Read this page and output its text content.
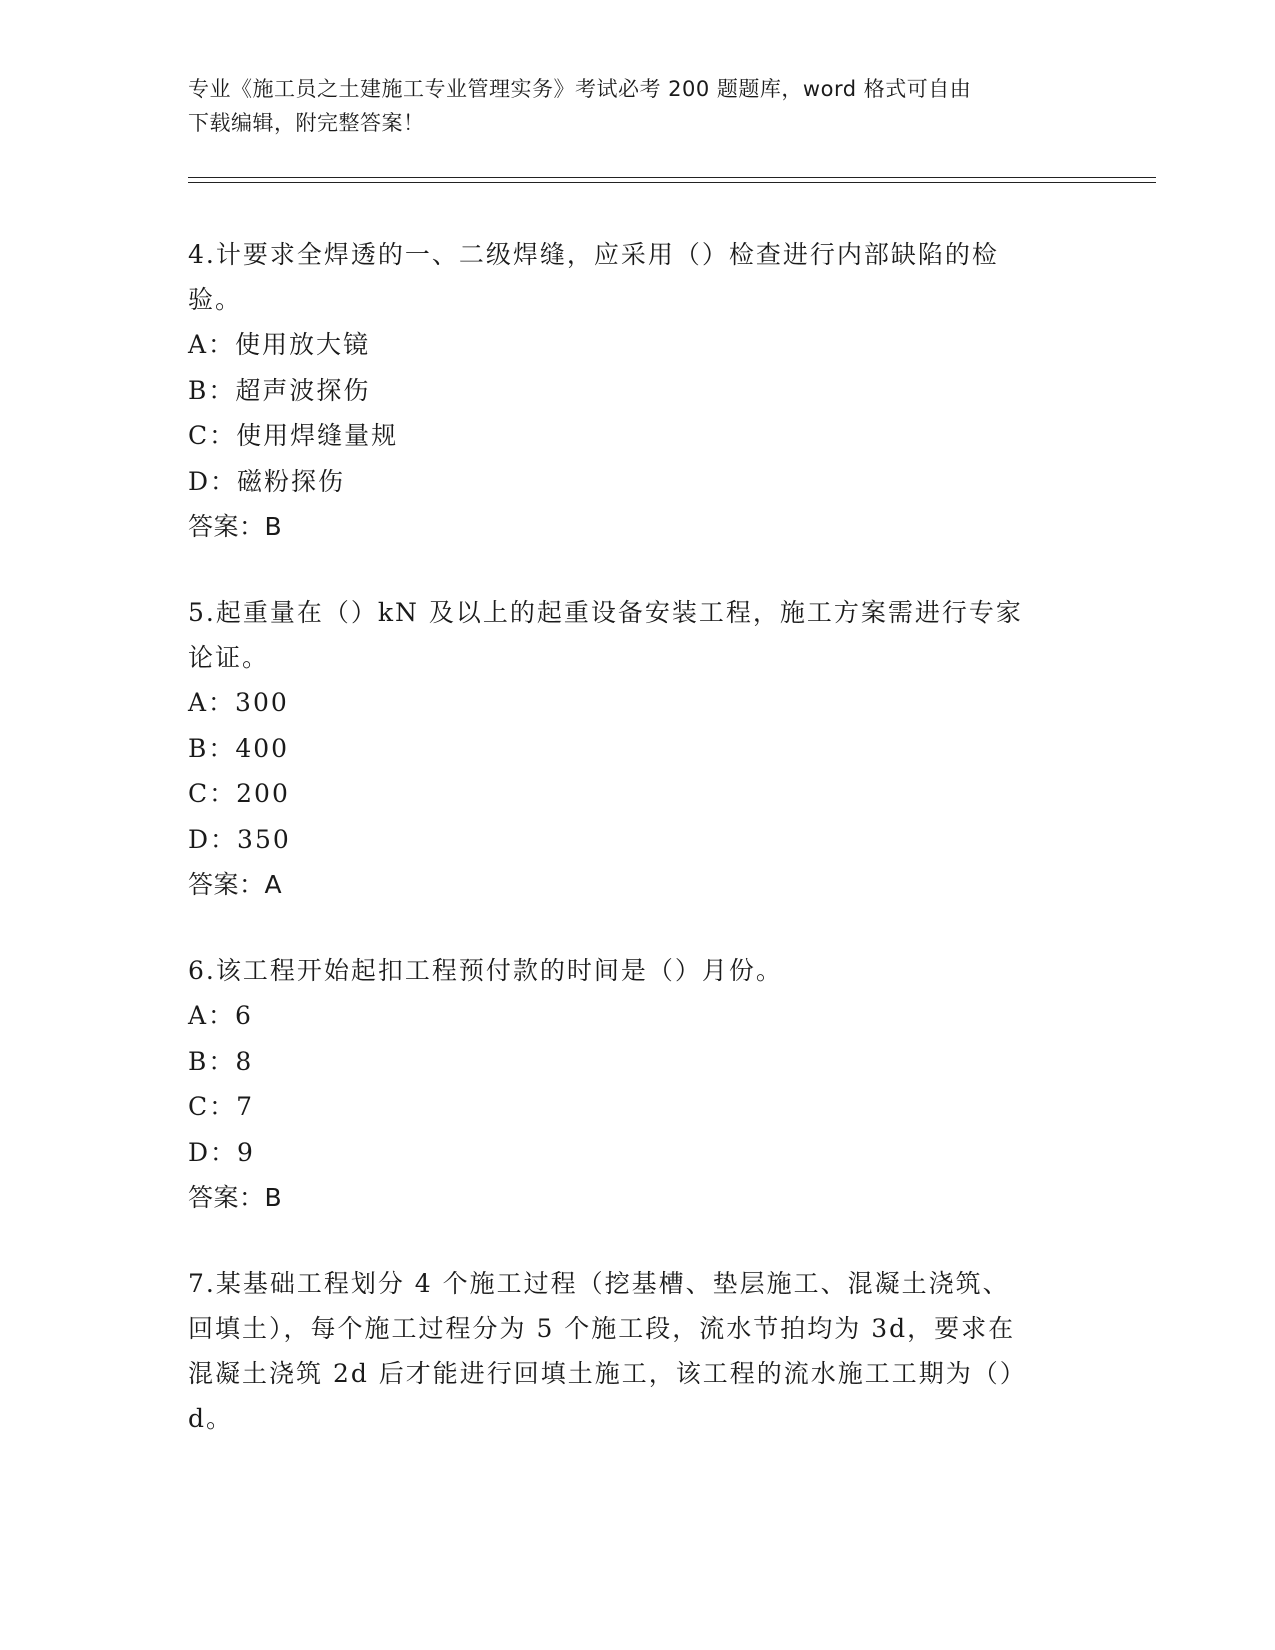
专业《施工员之土建施工专业管理实务》考试必考 200 题题库，word 格式可自由
下载编辑，附完整答案！
4.计要求全焊透的一、二级焊缝，应采用（）检查进行内部缺陷的检
验。
A：使用放大镜
B：超声波探伤
C：使用焊缝量规
D：磁粉探伤
答案：B
5.起重量在（）kN 及以上的起重设备安装工程，施工方案需进行专家
论证。
A：300
B：400
C：200
D：350
答案：A
6.该工程开始起扣工程预付款的时间是（）月份。
A：6
B：8
C：7
D：9
答案：B
7.某基础工程划分 4 个施工过程（挖基槽、垫层施工、混凝土浇筑、
回填土），每个施工过程分为 5 个施工段，流水节拍均为 3d，要求在
混凝土浇筑 2d 后才能进行回填土施工，该工程的流水施工工期为（）
d。
